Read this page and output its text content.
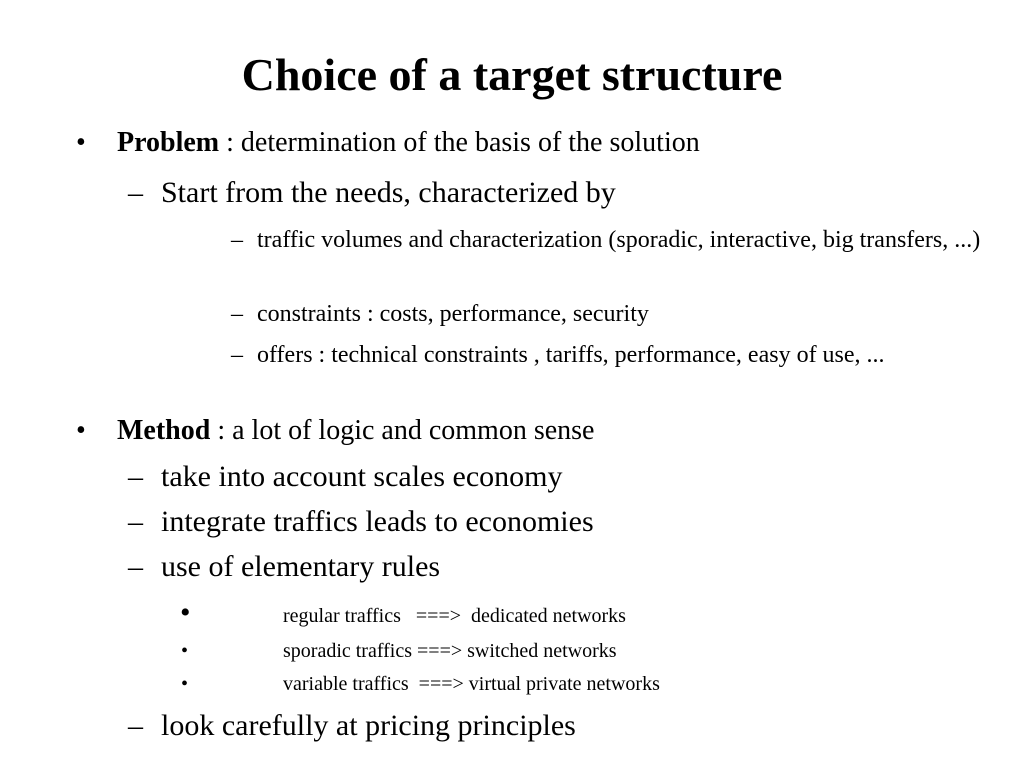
Choice of a target structure
• Problem : determination of the basis of the solution
– Start from the needs, characterized by
– traffic volumes and characterization (sporadic, interactive, big transfers, ...)
– constraints : costs, performance, security
– offers : technical constraints , tariffs, performance, easy of use, ...
• Method : a lot of logic and common sense
– take into account scales economy
– integrate traffics leads to economies
– use of elementary rules
•	regular traffics   ===>  dedicated networks
•	sporadic traffics ===> switched networks
•	variable traffics  ===> virtual private networks
– look carefully at pricing principles
